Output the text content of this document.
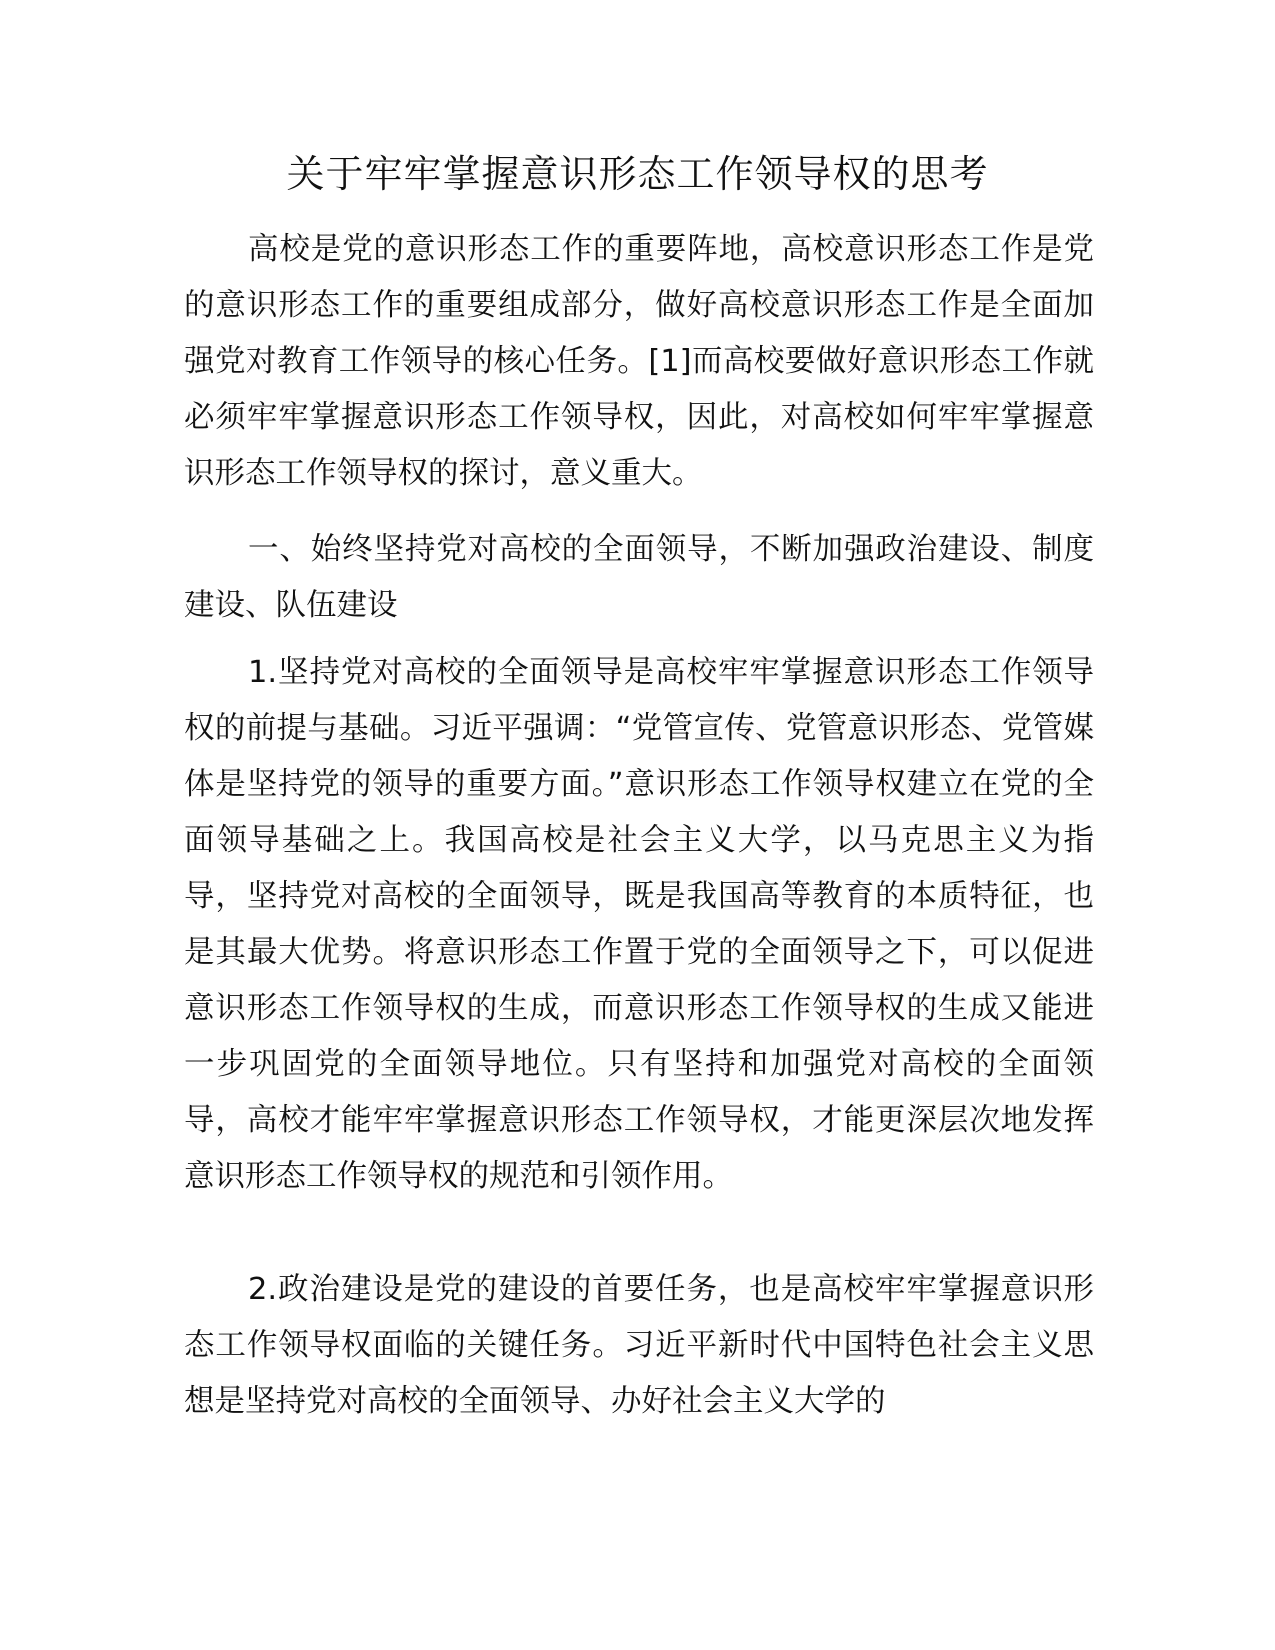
关于牢牢掌握意识形态工作领导权的思考

高校是党的意识形态工作的重要阵地，高校意识形态工作是党的意识形态工作的重要组成部分，做好高校意识形态工作是全面加强党对教育工作领导的核心任务。[1]而高校要做好意识形态工作就必须牢牢掌握意识形态工作领导权，因此，对高校如何牢牢掌握意识形态工作领导权的探讨，意义重大。

一、始终坚持党对高校的全面领导，不断加强政治建设、制度建设、队伍建设

1.坚持党对高校的全面领导是高校牢牢掌握意识形态工作领导权的前提与基础。习近平强调：“党管宣传、党管意识形态、党管媒体是坚持党的领导的重要方面。”意识形态工作领导权建立在党的全面领导基础之上。我国高校是社会主义大学，以马克思主义为指导，坚持党对高校的全面领导，既是我国高等教育的本质特征，也是其最大优势。将意识形态工作置于党的全面领导之下，可以促进意识形态工作领导权的生成，而意识形态工作领导权的生成又能进一步巩固党的全面领导地位。只有坚持和加强党对高校的全面领导，高校才能牢牢掌握意识形态工作领导权，才能更深层次地发挥意识形态工作领导权的规范和引领作用。

2.政治建设是党的建设的首要任务，也是高校牢牢掌握意识形态工作领导权面临的关键任务。习近平新时代中国特色社会主义思想是坚持党对高校的全面领导、办好社会主义大学的
